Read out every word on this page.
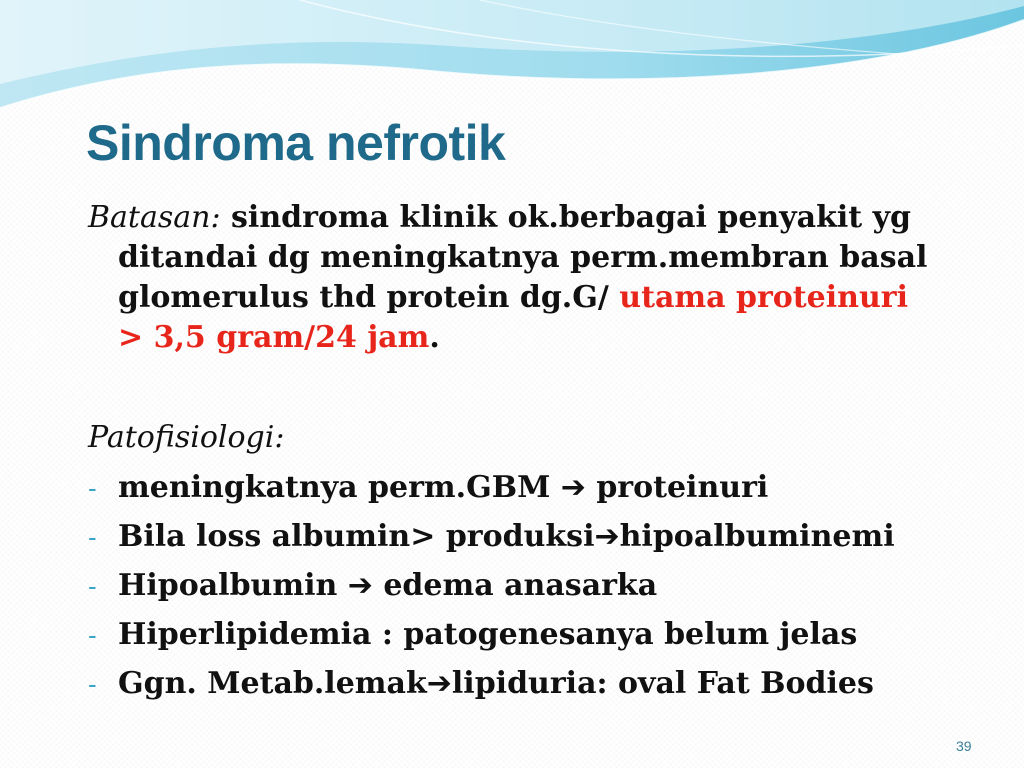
Sindroma nefrotik
Batasan: sindroma klinik ok.berbagai penyakit yg
ditandai dg meningkatnya perm.membran basal
glomerulus thd protein dg.G/ utama proteinuri
> 3,5 gram/24 jam.
Patofisiologi:
- meningkatnya perm.GBM ➔ proteinuri
- Bila loss albumin> produksi➔hipoalbuminemi
- Hipoalbumin ➔ edema anasarka
- Hiperlipidemia : patogenesanya belum jelas
- Ggn. Metab.lemak➔lipiduria: oval Fat Bodies
39
